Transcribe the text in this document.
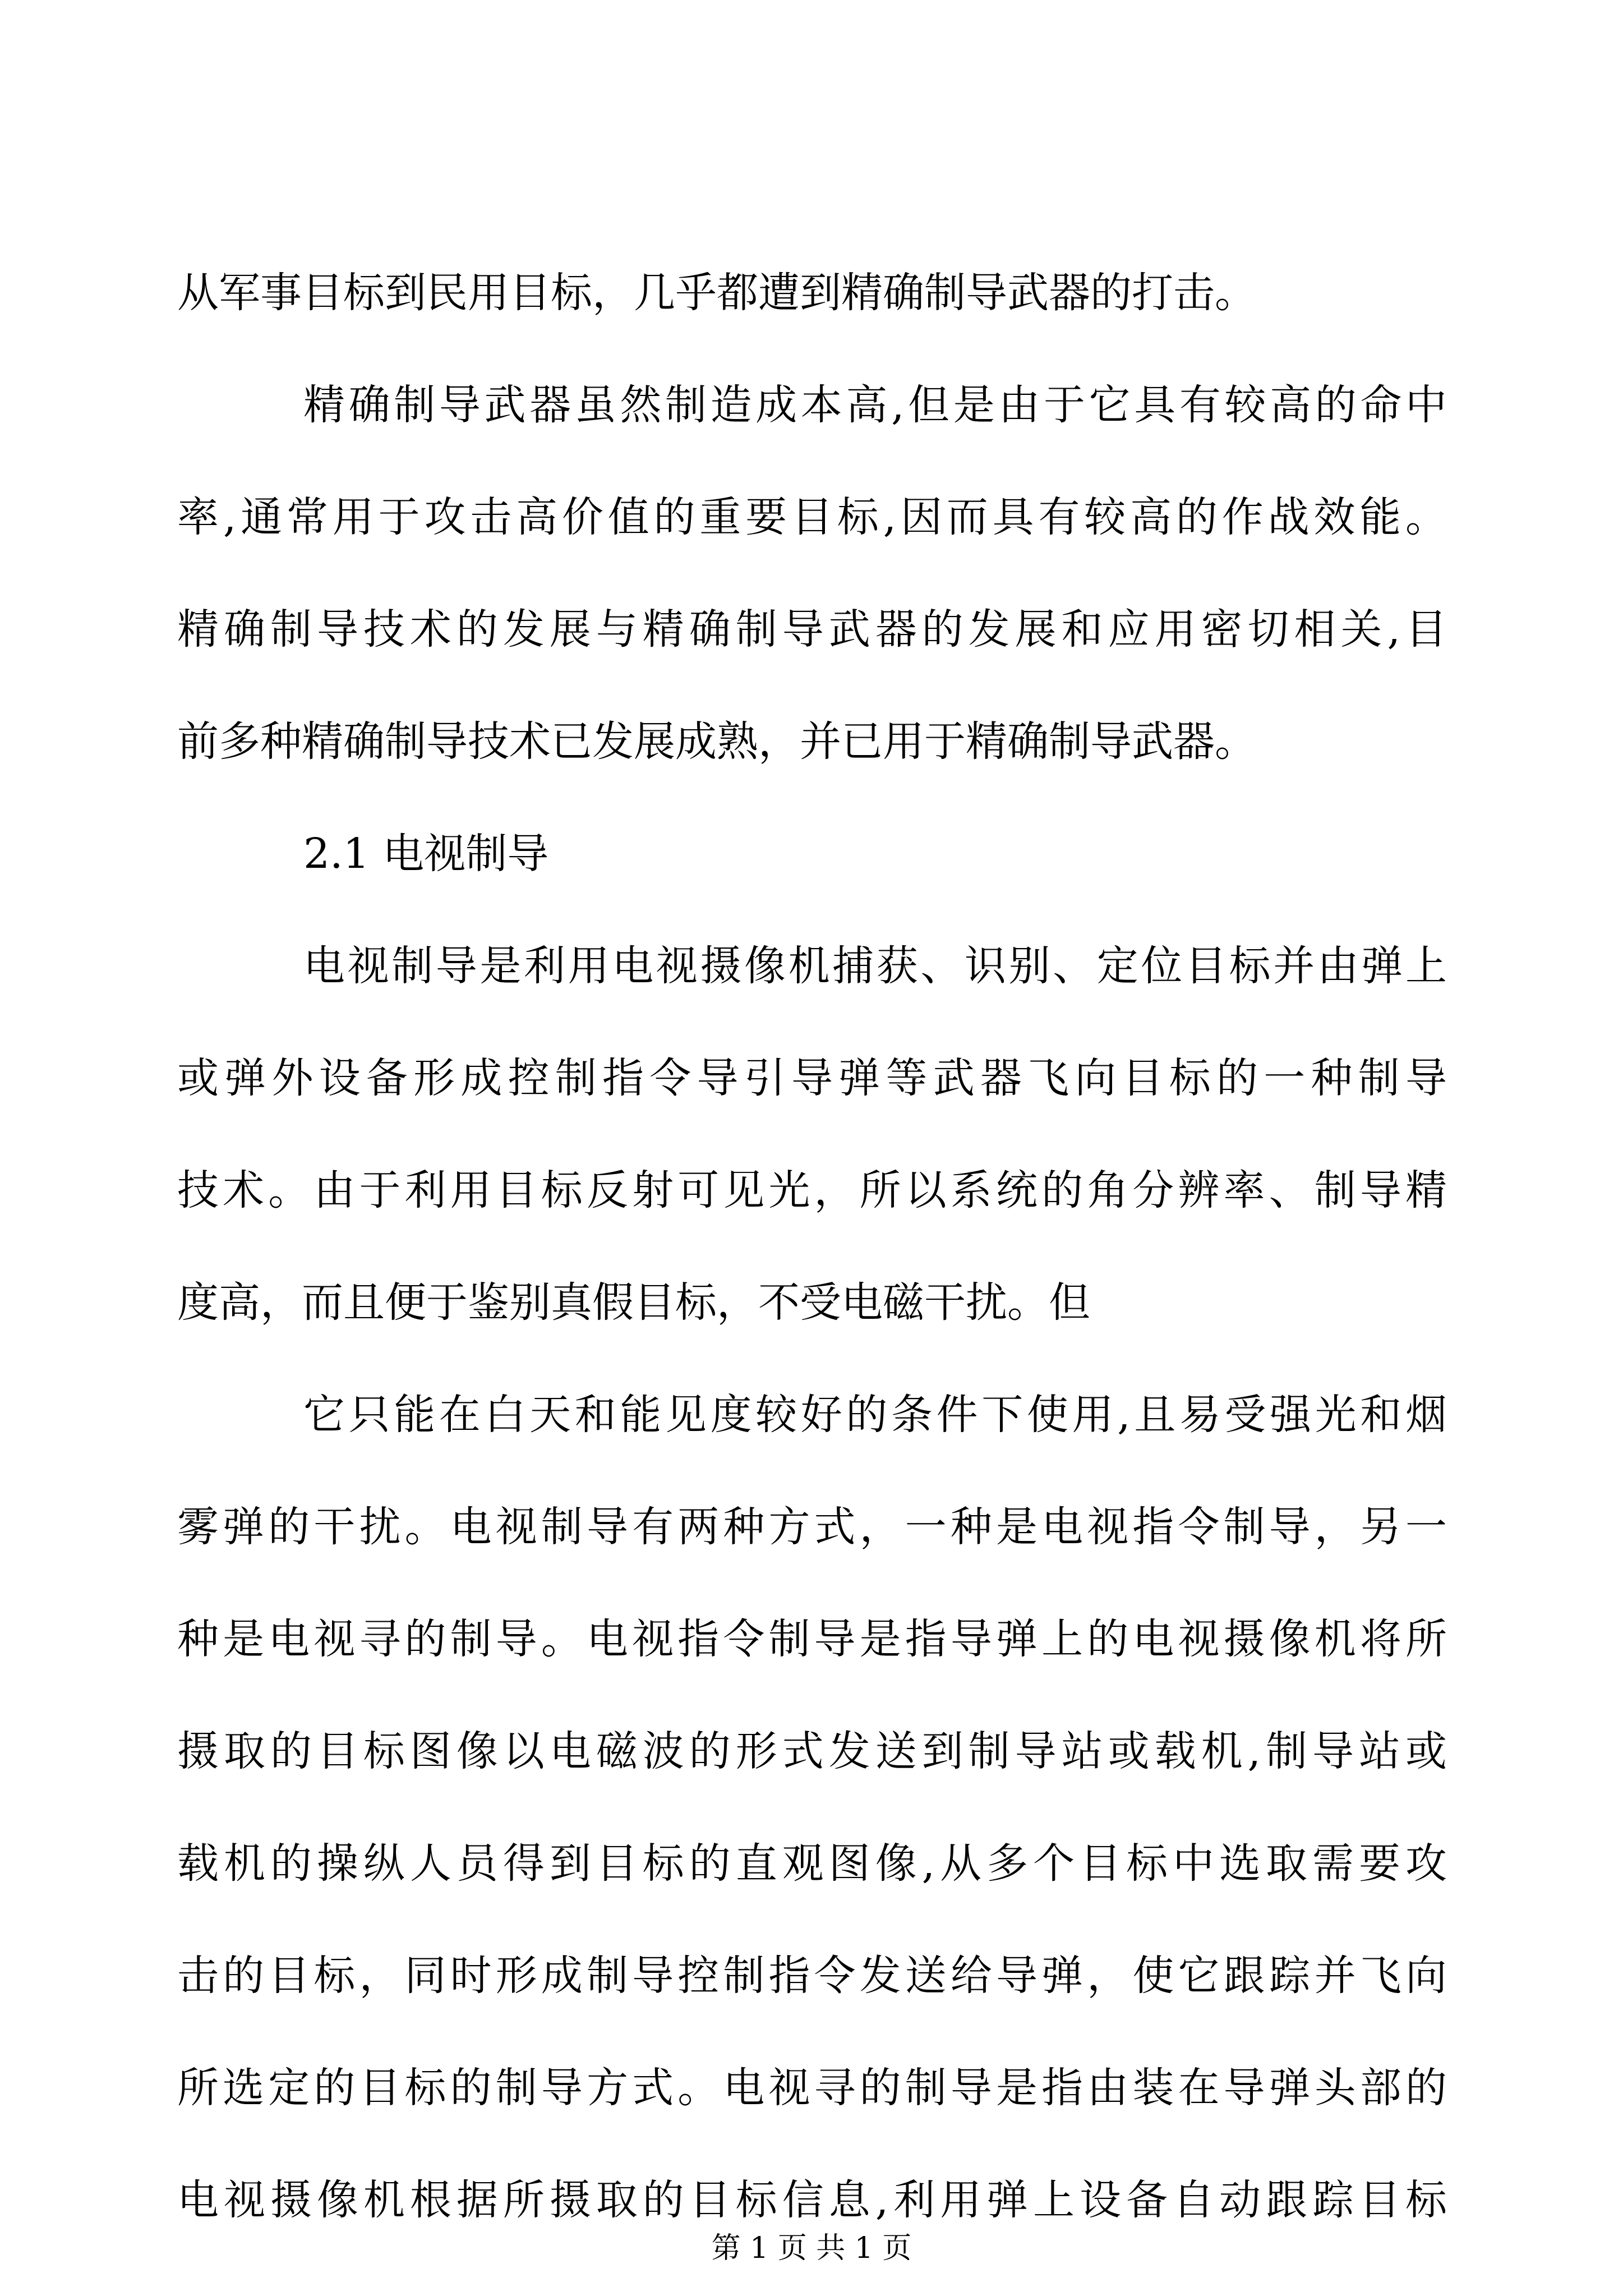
从军事目标到民用目标，几乎都遭到精确制导武器的打击。
精确制导武器虽然制造成本高,但是由于它具有较高的命中
率,通常用于攻击高价值的重要目标,因而具有较高的作战效能。
精确制导技术的发展与精确制导武器的发展和应用密切相关,目
前多种精确制导技术已发展成熟，并已用于精确制导武器。
2.1 电视制导
电视制导是利用电视摄像机捕获、识别、定位目标并由弹上
或弹外设备形成控制指令导引导弹等武器飞向目标的一种制导
技术。由于利用目标反射可见光，所以系统的角分辨率、制导精
度高，而且便于鉴别真假目标，不受电磁干扰。但
它只能在白天和能见度较好的条件下使用,且易受强光和烟
雾弹的干扰。电视制导有两种方式，一种是电视指令制导，另一
种是电视寻的制导。电视指令制导是指导弹上的电视摄像机将所
摄取的目标图像以电磁波的形式发送到制导站或载机,制导站或
载机的操纵人员得到目标的直观图像,从多个目标中选取需要攻
击的目标，同时形成制导控制指令发送给导弹，使它跟踪并飞向
所选定的目标的制导方式。电视寻的制导是指由装在导弹头部的
电视摄像机根据所摄取的目标信息,利用弹上设备自动跟踪目标
第 1 页 共 1 页
